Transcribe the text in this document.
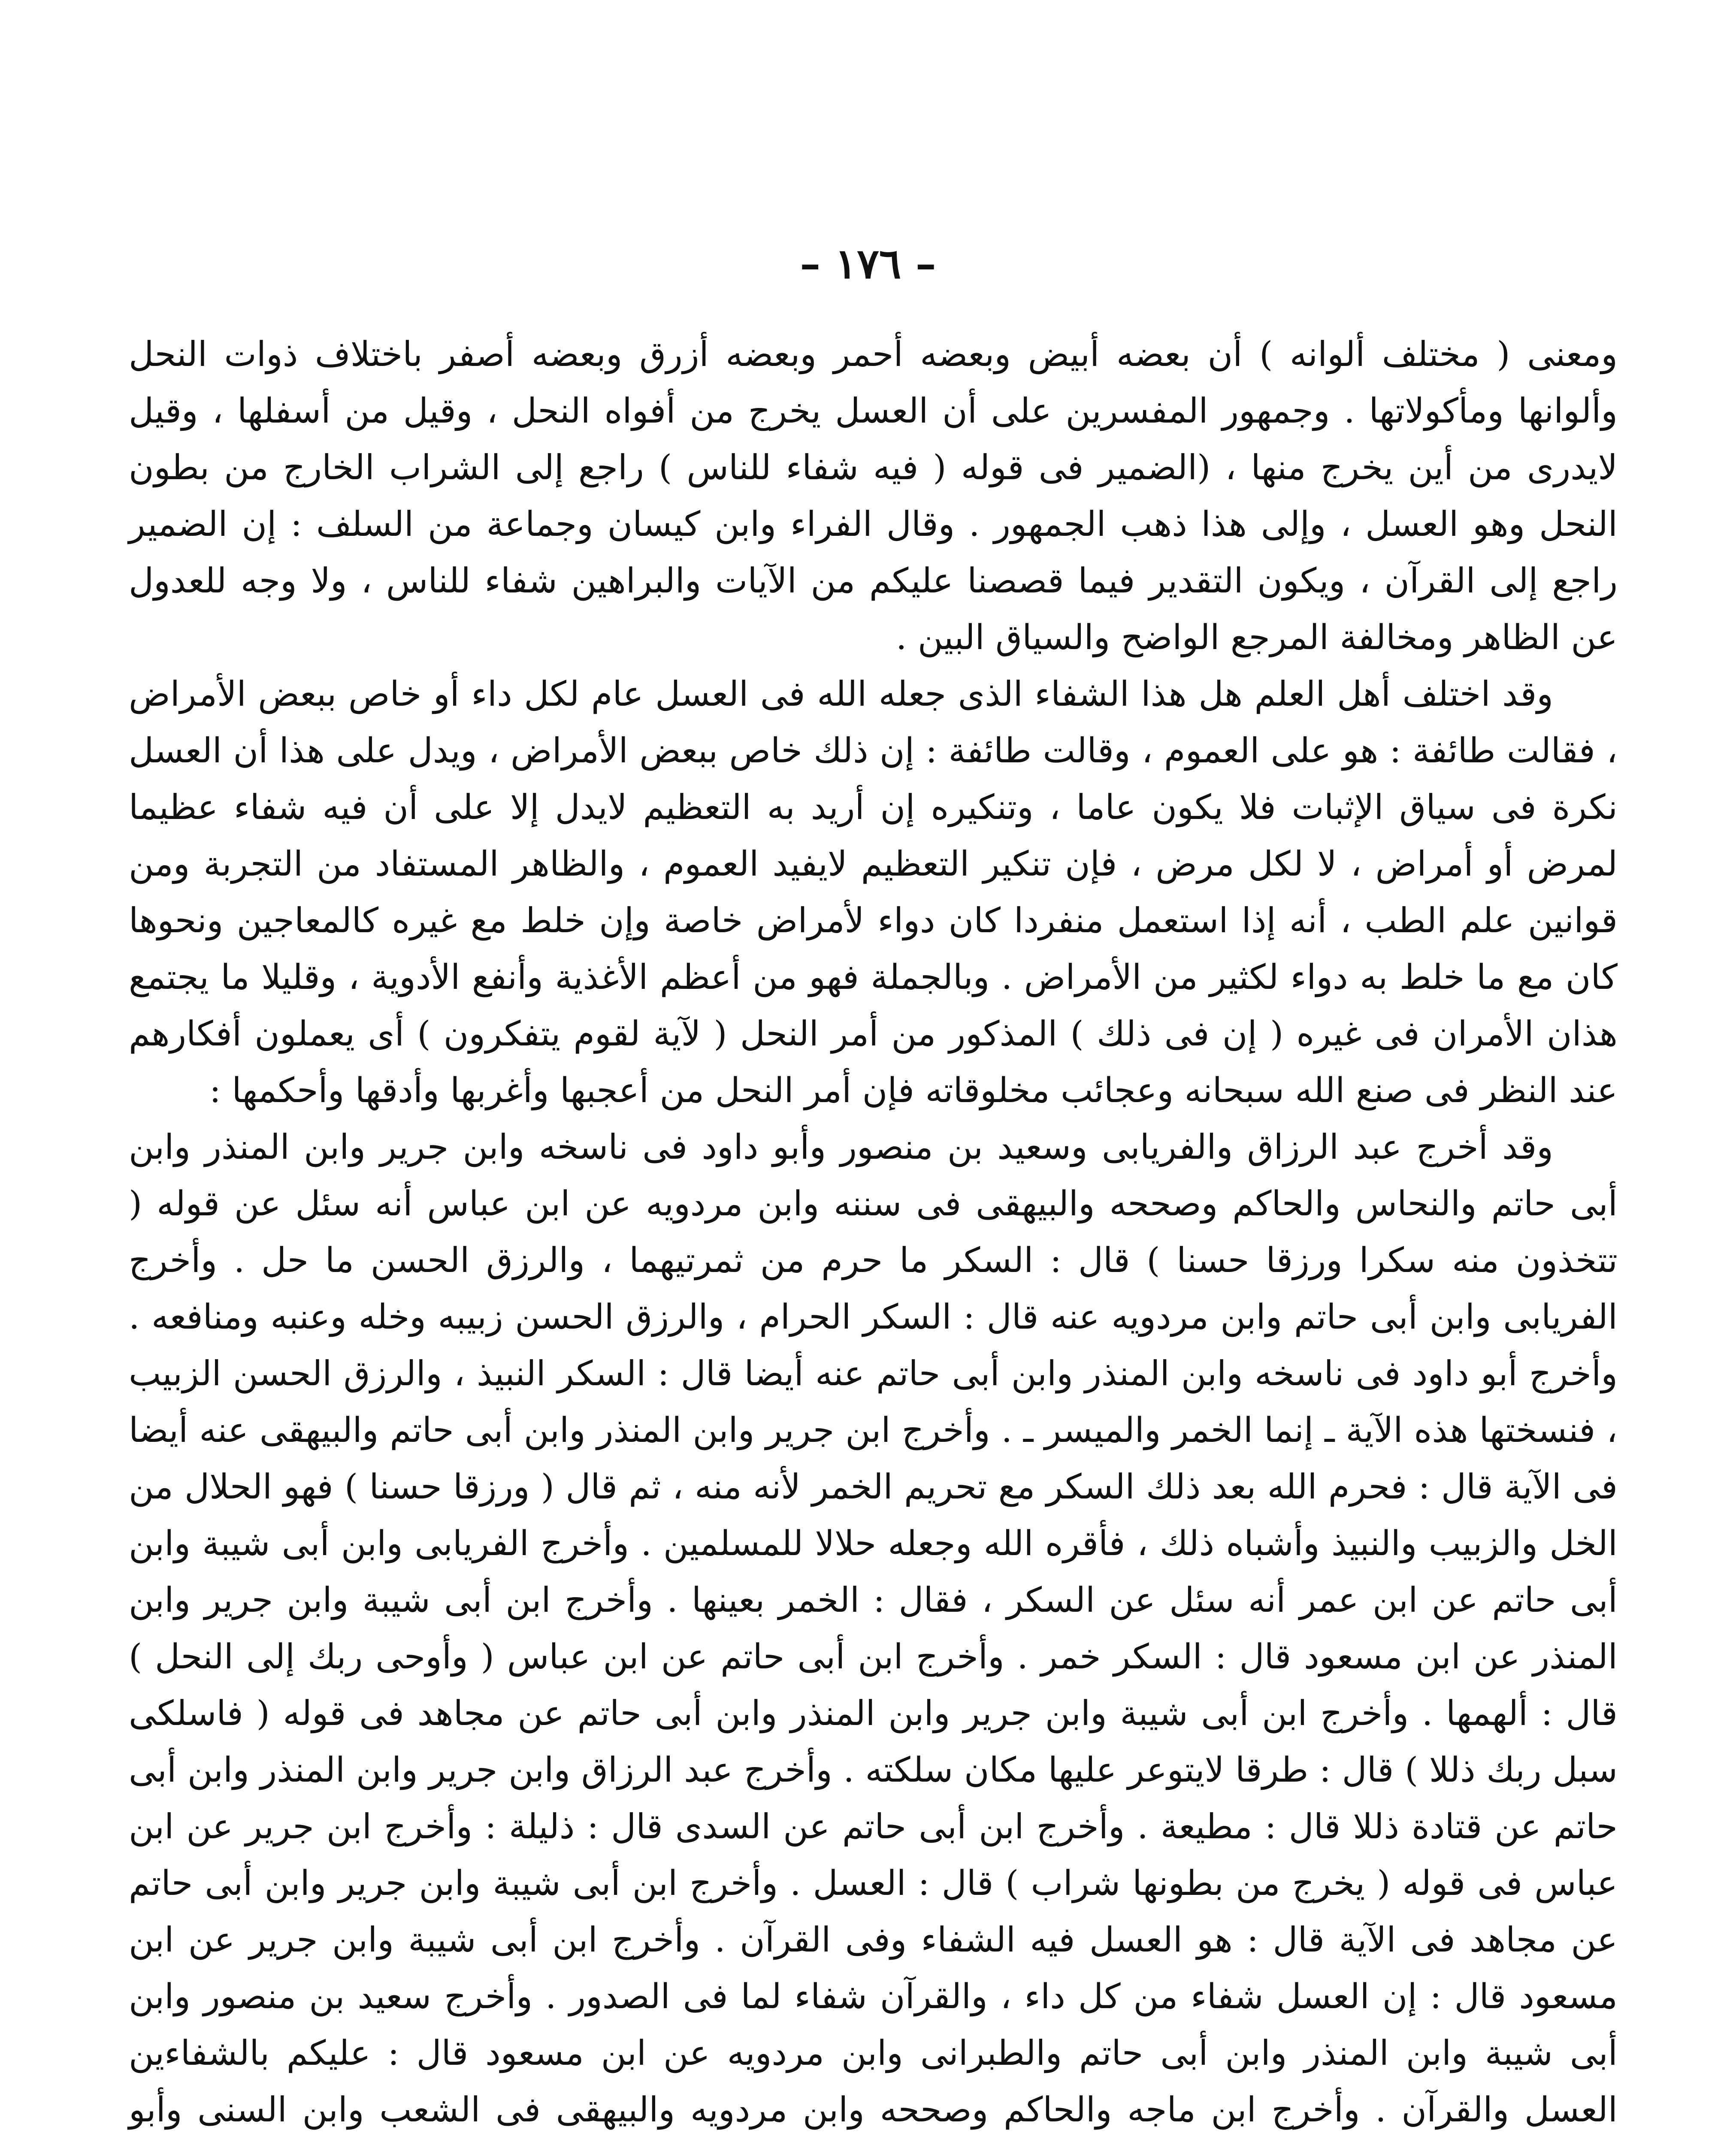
– ١٧٦ –

ومعنى ( مختلف ألوانه ) أن بعضه أبيض وبعضه أحمر وبعضه أزرق وبعضه أصفر باختلاف ذوات النحل وألوانها ومأكولاتها . وجمهور المفسرين على أن العسل يخرج من أفواه النحل ، وقيل من أسفلها ، وقيل لايدرى من أين يخرج منها ، (الضمير فى قوله ( فيه شفاء للناس ) راجع إلى الشراب الخارج من بطون النحل وهو العسل ، وإلى هذا ذهب الجمهور . وقال الفراء وابن كيسان وجماعة من السلف : إن الضمير راجع إلى القرآن ، ويكون التقدير فيما قصصنا عليكم من الآيات والبراهين شفاء للناس ، ولا وجه للعدول عن الظاهر ومخالفة المرجع الواضح والسياق البين .

وقد اختلف أهل العلم هل هذا الشفاء الذى جعله الله فى العسل عام لكل داء أو خاص ببعض الأمراض ، فقالت طائفة : هو على العموم ، وقالت طائفة : إن ذلك خاص ببعض الأمراض ، ويدل على هذا أن العسل نكرة فى سياق الإثبات فلا يكون عاما ، وتنكيره إن أريد به التعظيم لايدل إلا على أن فيه شفاء عظيما لمرض أو أمراض ، لا لكل مرض ، فإن تنكير التعظيم لايفيد العموم ، والظاهر المستفاد من التجربة ومن قوانين علم الطب ، أنه إذا استعمل منفردا كان دواء لأمراض خاصة وإن خلط مع غيره كالمعاجين ونحوها كان مع ما خلط به دواء لكثير من الأمراض . وبالجملة فهو من أعظم الأغذية وأنفع الأدوية ، وقليلا ما يجتمع هذان الأمران فى غيره ( إن فى ذلك ) المذكور من أمر النحل ( لآية لقوم يتفكرون ) أى يعملون أفكارهم عند النظر فى صنع الله سبحانه وعجائب مخلوقاته فإن أمر النحل من أعجبها وأغربها وأدقها وأحكمها :

وقد أخرج عبد الرزاق والفريابى وسعيد بن منصور وأبو داود فى ناسخه وابن جرير وابن المنذر وابن أبى حاتم والنحاس والحاكم وصححه والبيهقى فى سننه وابن مردويه عن ابن عباس أنه سئل عن قوله ( تتخذون منه سكرا ورزقا حسنا ) قال : السكر ما حرم من ثمرتيهما ، والرزق الحسن ما حل . وأخرج الفريابى وابن أبى حاتم وابن مردويه عنه قال : السكر الحرام ، والرزق الحسن زبيبه وخله وعنبه ومنافعه . وأخرج أبو داود فى ناسخه وابن المنذر وابن أبى حاتم عنه أيضا قال : السكر النبيذ ، والرزق الحسن الزبيب ، فنسختها هذه الآية ـ إنما الخمر والميسر ـ . وأخرج ابن جرير وابن المنذر وابن أبى حاتم والبيهقى عنه أيضا فى الآية قال : فحرم الله بعد ذلك السكر مع تحريم الخمر لأنه منه ، ثم قال ( ورزقا حسنا ) فهو الحلال من الخل والزبيب والنبيذ وأشباه ذلك ، فأقره الله وجعله حلالا للمسلمين . وأخرج الفريابى وابن أبى شيبة وابن أبى حاتم عن ابن عمر أنه سئل عن السكر ، فقال : الخمر بعينها . وأخرج ابن أبى شيبة وابن جرير وابن المنذر عن ابن مسعود قال : السكر خمر . وأخرج ابن أبى حاتم عن ابن عباس ( وأوحى ربك إلى النحل ) قال : ألهمها . وأخرج ابن أبى شيبة وابن جرير وابن المنذر وابن أبى حاتم عن مجاهد فى قوله ( فاسلكى سبل ربك ذللا ) قال : طرقا لايتوعر عليها مكان سلكته . وأخرج عبد الرزاق وابن جرير وابن المنذر وابن أبى حاتم عن قتادة ذللا قال : مطيعة . وأخرج ابن أبى حاتم عن السدى قال : ذليلة : وأخرج ابن جرير عن ابن عباس فى قوله ( يخرج من بطونها شراب ) قال : العسل . وأخرج ابن أبى شيبة وابن جرير وابن أبى حاتم عن مجاهد فى الآية قال : هو العسل فيه الشفاء وفى القرآن . وأخرج ابن أبى شيبة وابن جرير عن ابن مسعود قال : إن العسل شفاء من كل داء ، والقرآن شفاء لما فى الصدور . وأخرج سعيد بن منصور وابن أبى شيبة وابن المنذر وابن أبى حاتم والطبرانى وابن مردويه عن ابن مسعود قال : عليكم بالشفاءين العسل والقرآن . وأخرج ابن ماجه والحاكم وصححه وابن مردويه والبيهقى فى الشعب وابن السنى وأبو
